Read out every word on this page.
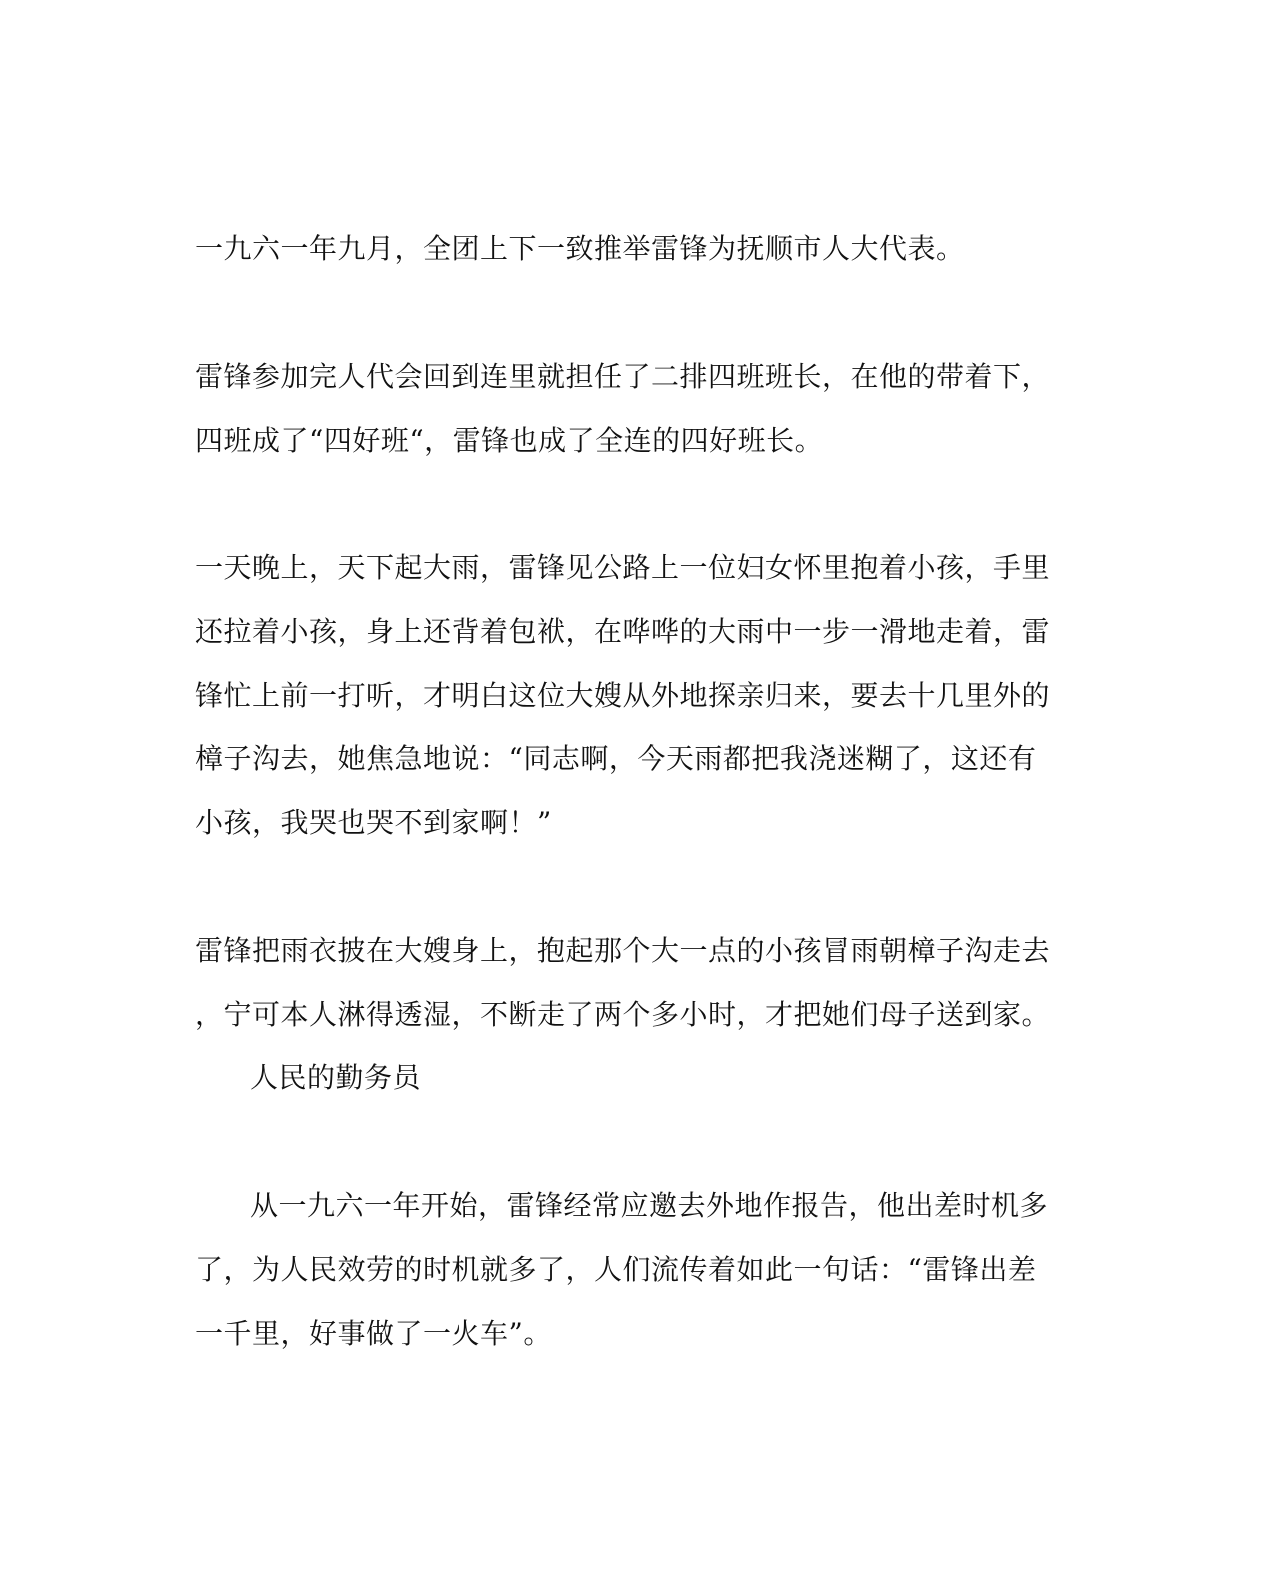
一九六一年九月，全团上下一致推举雷锋为抚顺市人大代表。
雷锋参加完人代会回到连里就担任了二排四班班长，在他的带着下，
四班成了“四好班“，雷锋也成了全连的四好班长。
一天晚上，天下起大雨，雷锋见公路上一位妇女怀里抱着小孩，手里
还拉着小孩，身上还背着包袱，在哗哗的大雨中一步一滑地走着，雷
锋忙上前一打听，才明白这位大嫂从外地探亲归来，要去十几里外的
樟子沟去，她焦急地说：“同志啊，今天雨都把我浇迷糊了，这还有
小孩，我哭也哭不到家啊！”
雷锋把雨衣披在大嫂身上，抱起那个大一点的小孩冒雨朝樟子沟走去
，宁可本人淋得透湿，不断走了两个多小时，才把她们母子送到家。
人民的勤务员
从一九六一年开始，雷锋经常应邀去外地作报告，他出差时机多
了，为人民效劳的时机就多了，人们流传着如此一句话：“雷锋出差
一千里，好事做了一火车”。
